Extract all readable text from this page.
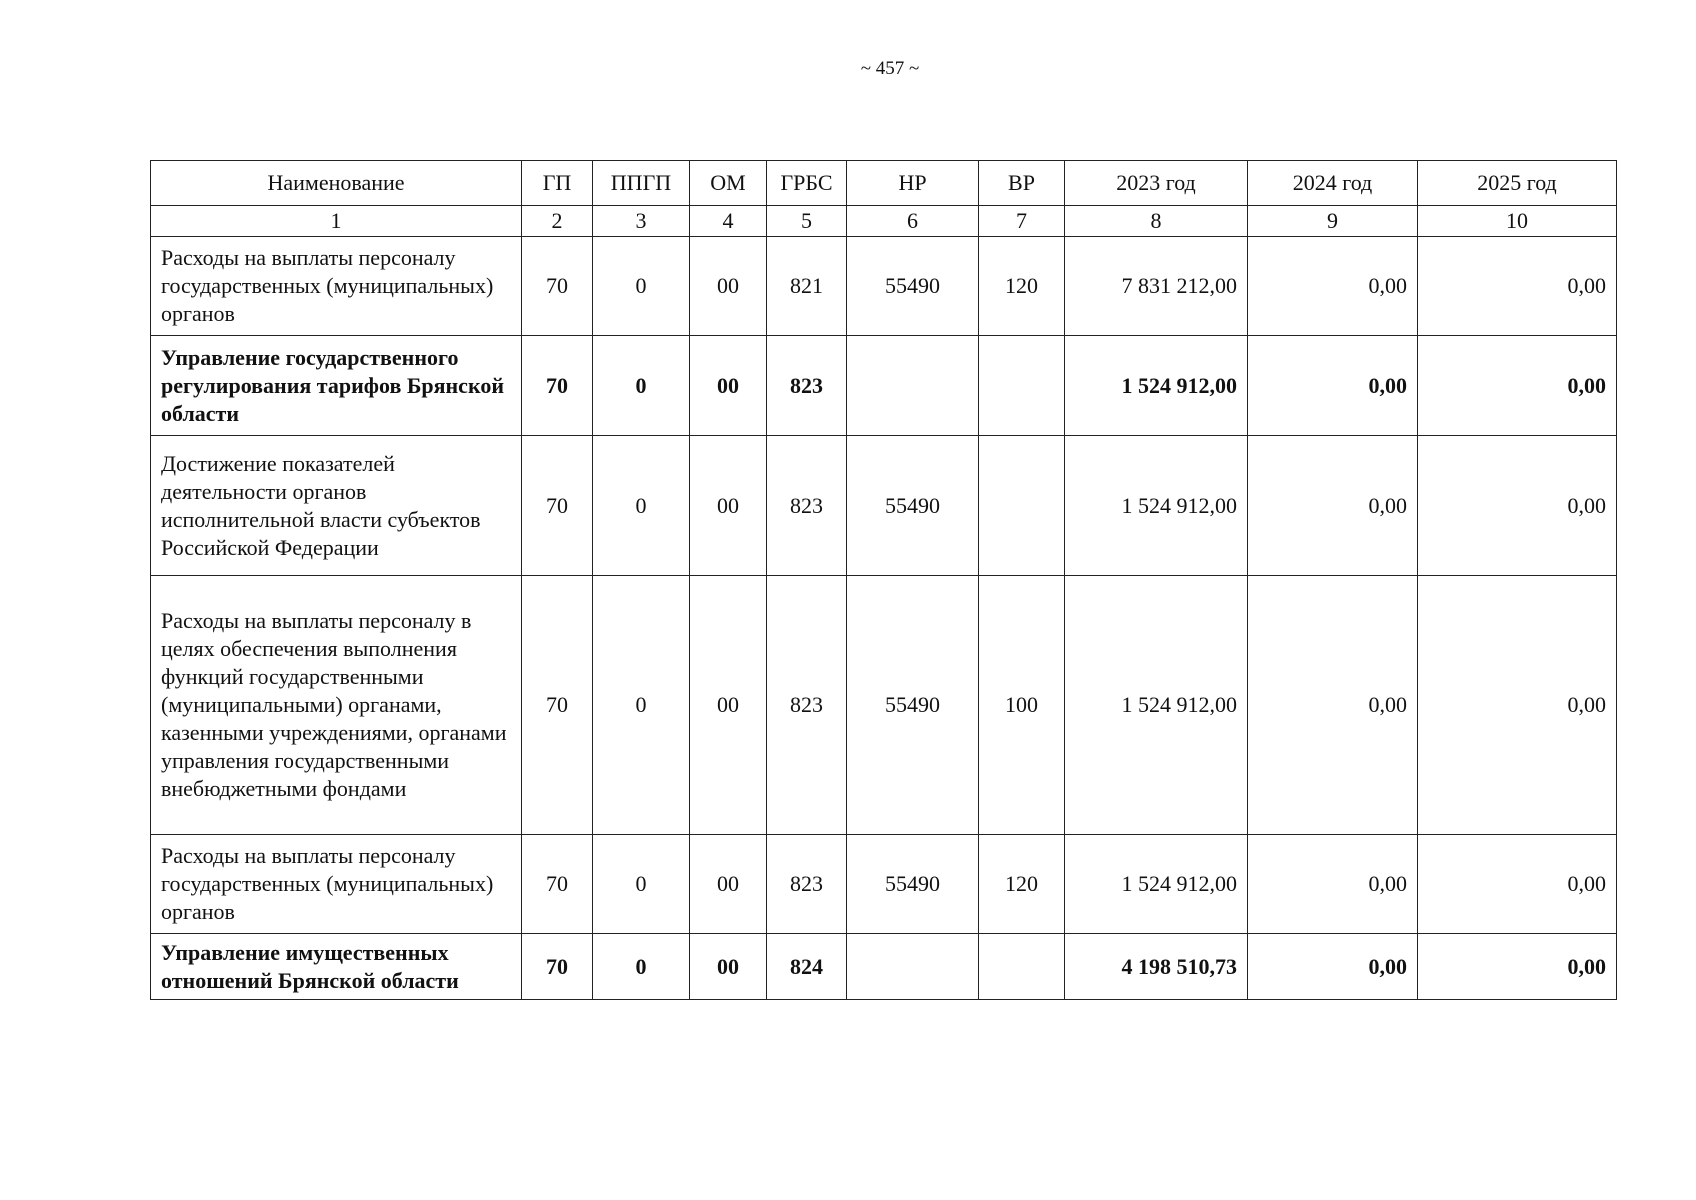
~ 457 ~
Наименование	ГП	ППГП	ОМ	ГРБС	НР	ВР	2023 год	2024 год	2025 год
1	2	3	4	5	6	7	8	9	10
Расходы на выплаты персоналу государственных (муниципальных) органов	70	0	00	821	55490	120	7 831 212,00	0,00	0,00
Управление государственного регулирования тарифов Брянской области	70	0	00	823			1 524 912,00	0,00	0,00
Достижение показателей деятельности органов исполнительной власти субъектов Российской Федерации	70	0	00	823	55490		1 524 912,00	0,00	0,00
Расходы на выплаты персоналу в целях обеспечения выполнения функций государственными (муниципальными) органами, казенными учреждениями, органами управления государственными внебюджетными фондами	70	0	00	823	55490	100	1 524 912,00	0,00	0,00
Расходы на выплаты персоналу государственных (муниципальных) органов	70	0	00	823	55490	120	1 524 912,00	0,00	0,00
Управление имущественных отношений Брянской области	70	0	00	824			4 198 510,73	0,00	0,00
